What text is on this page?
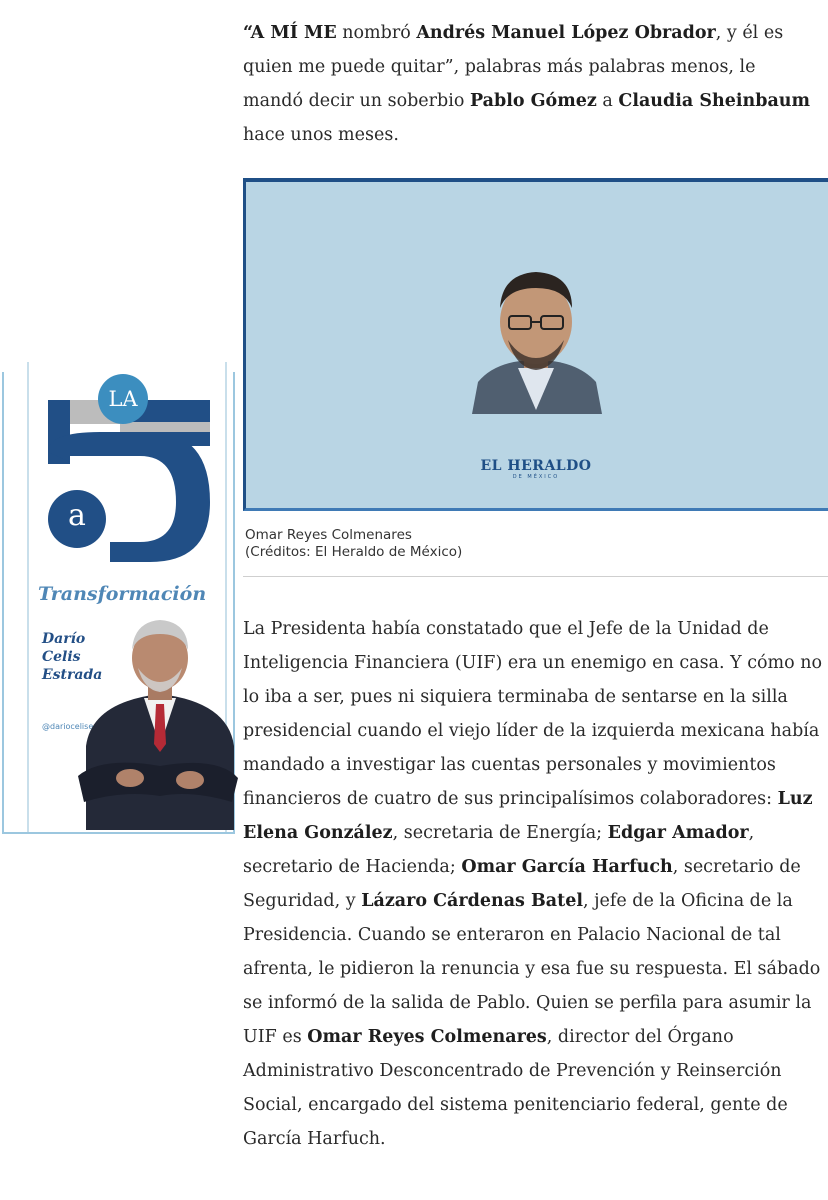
“A MÍ ME nombró Andrés Manuel López Obrador, y él es quien me puede quitar”, palabras más palabras menos, le mandó decir un soberbio Pablo Gómez a Claudia Sheinbaum hace unos meses.

EL HERALDO
DE MÉXICO
Omar Reyes Colmenares
(Créditos: El Heraldo de México)
LA
a
Transformación
Darío
Celis
Estrada
@dariocelise

La Presidenta había constatado que el Jefe de la Unidad de Inteligencia Financiera (UIF) era un enemigo en casa. Y cómo no lo iba a ser, pues ni siquiera terminaba de sentarse en la silla presidencial cuando el viejo líder de la izquierda mexicana había mandado a investigar las cuentas personales y movimientos financieros de cuatro de sus principalísimos colaboradores: Luz Elena González, secretaria de Energía; Edgar Amador, secretario de Hacienda; Omar García Harfuch, secretario de Seguridad, y Lázaro Cárdenas Batel, jefe de la Oficina de la Presidencia. Cuando se enteraron en Palacio Nacional de tal afrenta, le pidieron la renuncia y esa fue su respuesta. El sábado se informó de la salida de Pablo. Quien se perfila para asumir la UIF es Omar Reyes Colmenares, director del Órgano Administrativo Desconcentrado de Prevención y Reinserción Social, encargado del sistema penitenciario federal, gente de García Harfuch.
